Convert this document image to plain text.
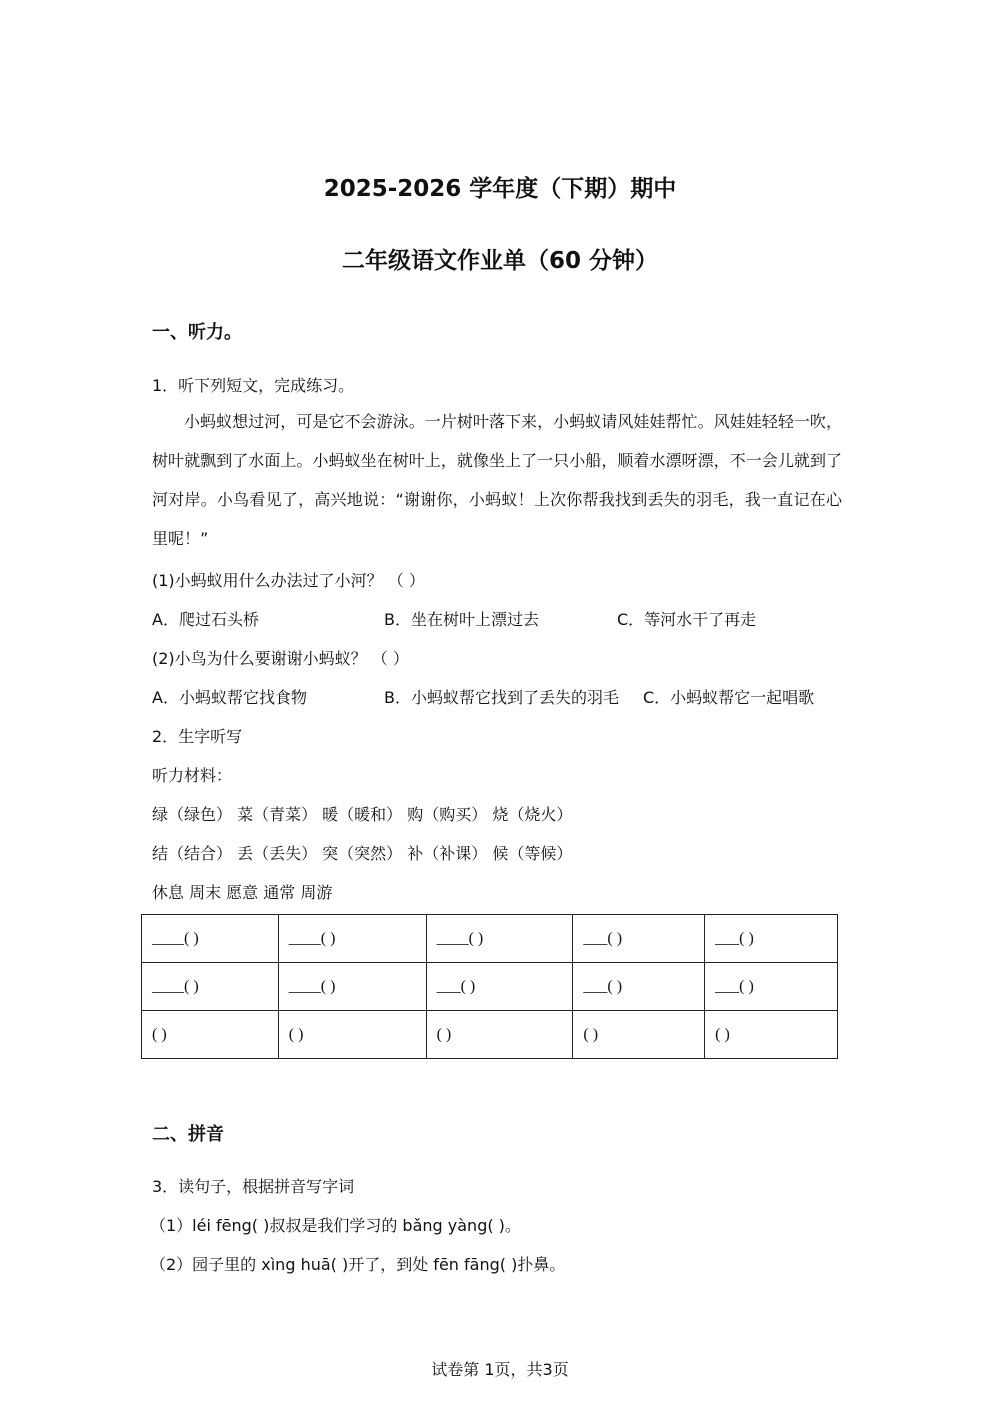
2025-2026 学年度（下期）期中
二年级语文作业单（60 分钟）
一、听力。
1．听下列短文，完成练习。
小蚂蚁想过河，可是它不会游泳。一片树叶落下来，小蚂蚁请风娃娃帮忙。风娃娃轻轻一吹，树叶就飘到了水面上。小蚂蚁坐在树叶上，就像坐上了一只小船，顺着水漂呀漂，不一会儿就到了河对岸。小鸟看见了，高兴地说：“谢谢你，小蚂蚁！上次你帮我找到丢失的羽毛，我一直记在心里呢！”
(1)小蚂蚁用什么办法过了小河？ （ ）
A．爬过石头桥	B．坐在树叶上漂过去	C．等河水干了再走
(2)小鸟为什么要谢谢小蚂蚁？ （ ）
A．小蚂蚁帮它找食物	B．小蚂蚁帮它找到了丢失的羽毛 C．小蚂蚁帮它一起唱歌
2．生字听写
听力材料：
绿（绿色） 菜（青菜） 暖（暖和） 购（购买） 烧（烧火）
结（结合） 丢（丢失） 突（突然） 补（补课） 候（等候）
休息 周末 愿意 通常 周游
____( )	____( )	____( )	___( )	___( )
____( )	____( )	___( )	___( )	___( )
( )	( )	( )	( )	( )
二、拼音
3．读句子，根据拼音写字词
（1）léi fēng( )叔叔是我们学习的 bǎng yàng( )。
（2）园子里的 xìng huā( )开了，到处 fēn fāng( )扑鼻。
试卷第 1页，共3页
